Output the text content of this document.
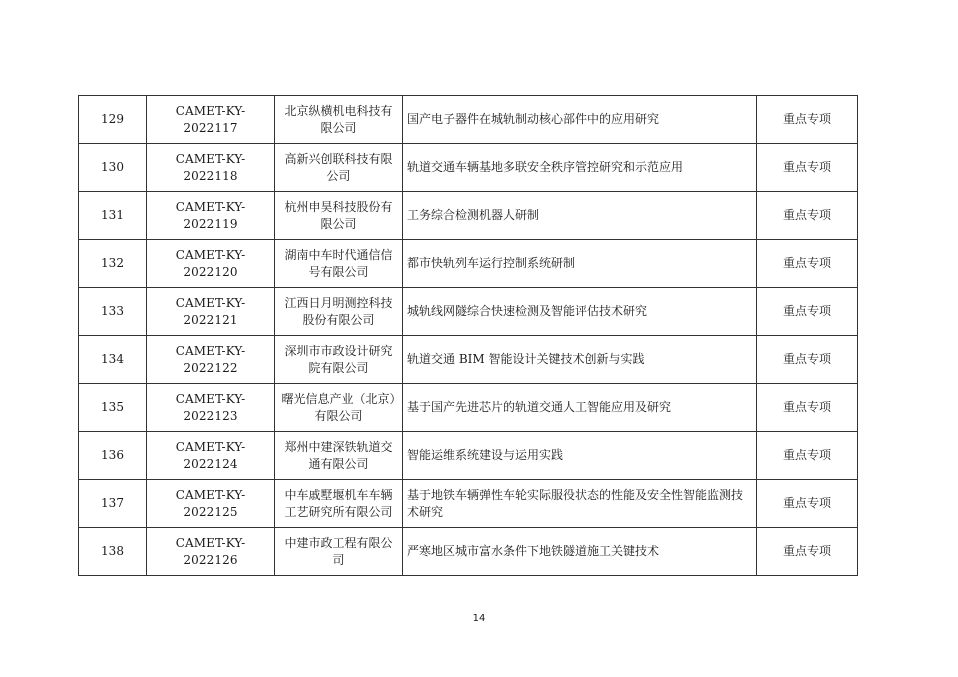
129	CAMET-KY-2022117	北京纵横机电科技有限公司	国产电子器件在城轨制动核心部件中的应用研究	重点专项
130	CAMET-KY-2022118	高新兴创联科技有限公司	轨道交通车辆基地多联安全秩序管控研究和示范应用	重点专项
131	CAMET-KY-2022119	杭州申昊科技股份有限公司	工务综合检测机器人研制	重点专项
132	CAMET-KY-2022120	湖南中车时代通信信号有限公司	都市快轨列车运行控制系统研制	重点专项
133	CAMET-KY-2022121	江西日月明测控科技股份有限公司	城轨线网隧综合快速检测及智能评估技术研究	重点专项
134	CAMET-KY-2022122	深圳市市政设计研究院有限公司	轨道交通 BIM 智能设计关键技术创新与实践	重点专项
135	CAMET-KY-2022123	曙光信息产业（北京）有限公司	基于国产先进芯片的轨道交通人工智能应用及研究	重点专项
136	CAMET-KY-2022124	郑州中建深铁轨道交通有限公司	智能运维系统建设与运用实践	重点专项
137	CAMET-KY-2022125	中车戚墅堰机车车辆工艺研究所有限公司	基于地铁车辆弹性车轮实际服役状态的性能及安全性智能监测技术研究	重点专项
138	CAMET-KY-2022126	中建市政工程有限公司	严寒地区城市富水条件下地铁隧道施工关键技术	重点专项
14
